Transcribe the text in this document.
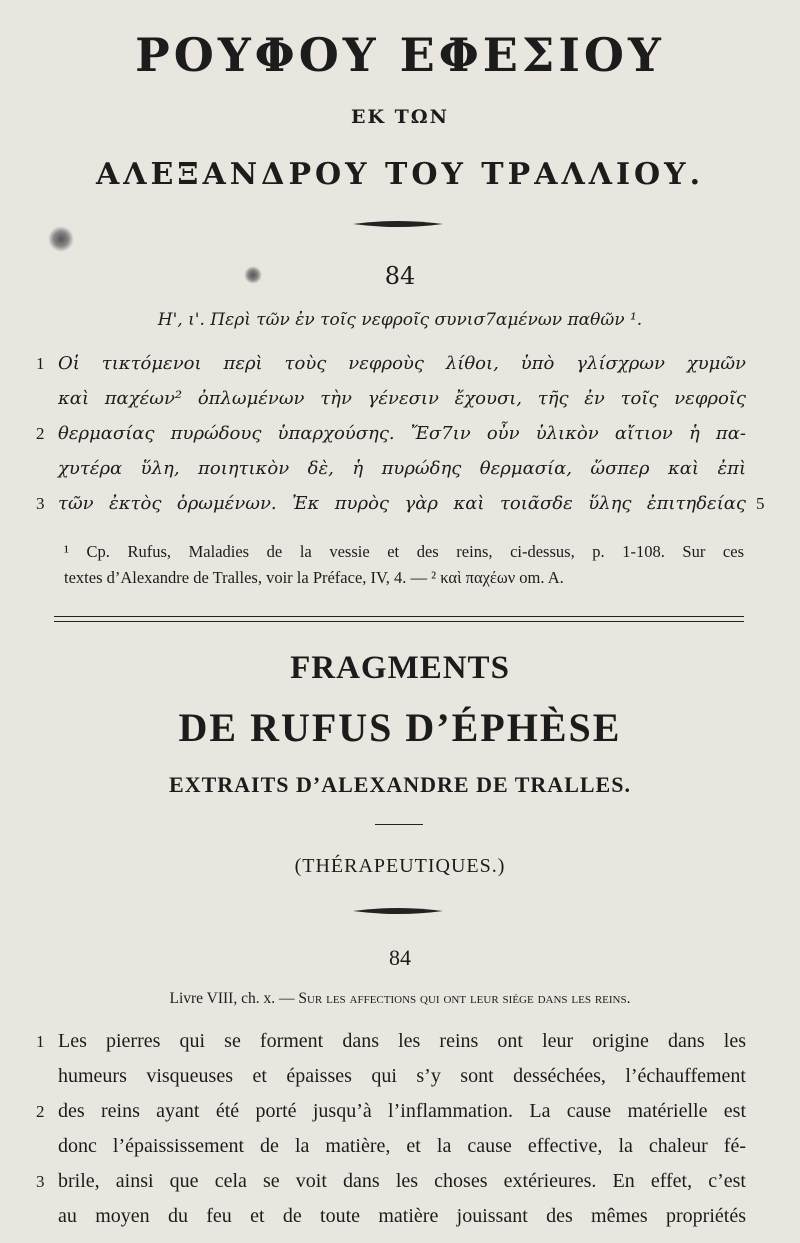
ΡΟΥΦΟΥ ΕΦΕΣΙΟΥ
ΕΚ ΤΩΝ
ΑΛΕΞΑΝΔΡΟΥ ΤΟΥ ΤΡΑΛΛΙΟΥ.
84
Η', ι'. Περὶ τῶν ἐν τοῖς νεφροῖς συνισ7αμένων παθῶν ¹.
1 Οἱ τικτόμενοι περὶ τοὺς νεφροὺς λίθοι, ὑπὸ γλίσχρων χυμῶν
καὶ παχέων² ὀπλωμένων τὴν γένεσιν ἔχουσι, τῆς ἐν τοῖς νεφροῖς
2 θερμασίας πυρώδους ὑπαρχούσης. Ἔσ7ιν οὖν ὑλικὸν αἴτιον ἡ πα-
χυτέρα ὕλη, ποιητικὸν δὲ, ἡ πυρώδης θερμασία, ὥσπερ καὶ ἐπὶ
3 τῶν ἐκτὸς ὁρωμένων. Ἐκ πυρὸς γὰρ καὶ τοιᾶσδε ὕλης ἐπιτηδείας 5
¹ Cp. Rufus, Maladies de la vessie et des reins, ci-dessus, p. 1-108. Sur ces
textes d’Alexandre de Tralles, voir la Préface, IV, 4. — ² καὶ παχέων om. A.
FRAGMENTS
DE RUFUS D’ÉPHÈSE
EXTRAITS D’ALEXANDRE DE TRALLES.
(THÉRAPEUTIQUES.)
84
Livre VIII, ch. x. — Sur les affections qui ont leur siége dans les reins.
1 Les pierres qui se forment dans les reins ont leur origine dans les
humeurs visqueuses et épaisses qui s’y sont desséchées, l’échauffement
2 des reins ayant été porté jusqu’à l’inflammation. La cause matérielle est
donc l’épaississement de la matière, et la cause effective, la chaleur fé-
3 brile, ainsi que cela se voit dans les choses extérieures. En effet, c’est
au moyen du feu et de toute matière jouissant des mêmes propriétés
